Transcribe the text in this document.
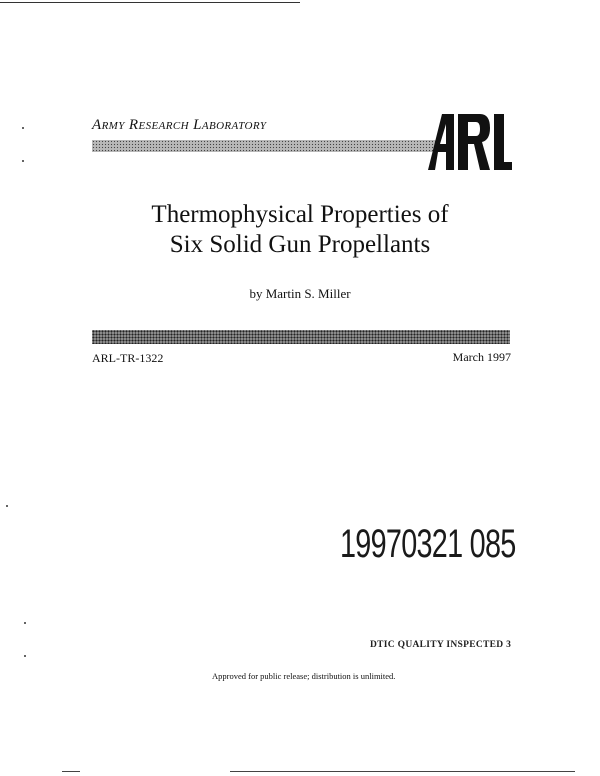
Army Research Laboratory
Thermophysical Properties of
Six Solid Gun Propellants
by Martin S. Miller
ARL-TR-1322	March 1997
19970321 085
DTIC QUALITY INSPECTED 3
Approved for public release; distribution is unlimited.
